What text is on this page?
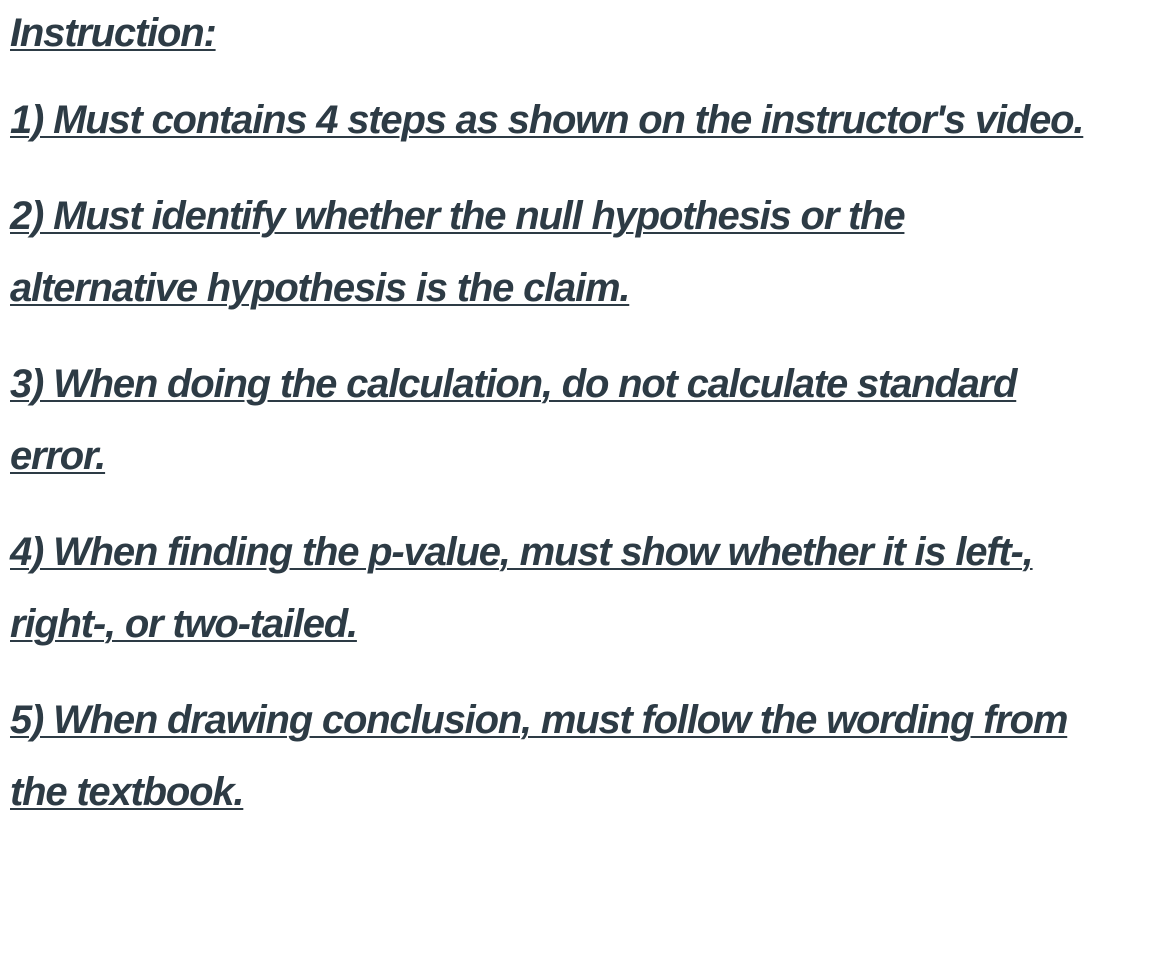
Instruction:
1) Must contains 4 steps as shown on the instructor's video.
2) Must identify whether the null hypothesis or the alternative hypothesis is the claim.
3) When doing the calculation, do not calculate standard error.
4) When finding the p-value, must show whether it is left-, right-, or two-tailed.
5) When drawing conclusion, must follow the wording from the textbook.
